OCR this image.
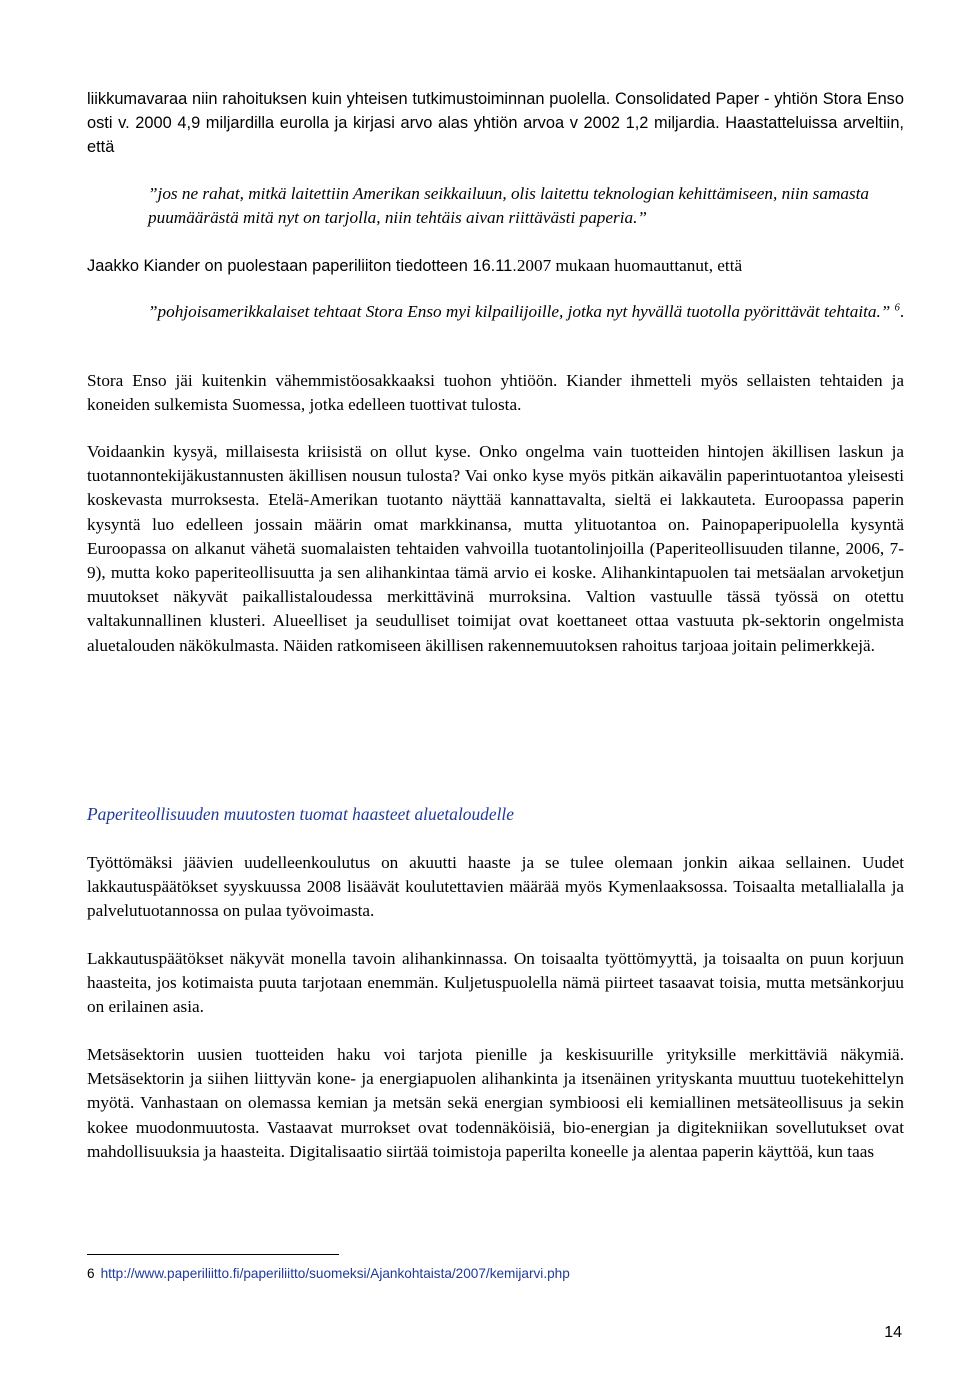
liikkumavaraa niin rahoituksen kuin yhteisen tutkimustoiminnan puolella. Consolidated Paper - yhtiön Stora Enso osti v. 2000 4,9 miljardilla eurolla ja kirjasi arvo alas yhtiön arvoa v 2002 1,2 miljardia. Haastatteluissa arveltiin, että

”jos ne rahat, mitkä laitettiin Amerikan seikkailuun, olis laitettu teknologian kehittämiseen, niin samasta puumäärästä mitä nyt on tarjolla, niin tehtäis aivan riittävästi paperia.”

Jaakko Kiander on puolestaan paperiliiton tiedotteen 16.11.2007 mukaan huomauttanut, että

”pohjoisamerikkalaiset tehtaat Stora Enso myi kilpailijoille, jotka nyt hyvällä tuotolla pyörittävät tehtaita.” $^6$.

Stora Enso jäi kuitenkin vähemmistöosakkaaksi tuohon yhtiöön. Kiander ihmetteli myös sellaisten tehtaiden ja koneiden sulkemista Suomessa, jotka edelleen tuottivat tulosta.

Voidaankin kysyä, millaisesta kriisistä on ollut kyse. Onko ongelma vain tuotteiden hintojen äkillisen laskun ja tuotannontekijäkustannusten äkillisen nousun tulosta? Vai onko kyse myös pitkän aikavälin paperintuotantoa yleisesti koskevasta murroksesta. Etelä-Amerikan tuotanto näyttää kannattavalta, sieltä ei lakkauteta. Euroopassa paperin kysyntä luo edelleen jossain määrin omat markkinansa, mutta ylituotantoa on. Painopaperipuolella kysyntä Euroopassa on alkanut vähetä suomalaisten tehtaiden vahvoilla tuotantolinjoilla (Paperiteollisuuden tilanne, 2006, 7-9), mutta koko paperiteollisuutta ja sen alihankintaa tämä arvio ei koske. Alihankintapuolen tai metsäalan arvoketjun muutokset näkyvät paikallistaloudessa merkittävinä murroksina. Valtion vastuulle tässä työssä on otettu valtakunnallinen klusteri. Alueelliset ja seudulliset toimijat ovat koettaneet ottaa vastuuta pk-sektorin ongelmista aluetalouden näkökulmasta. Näiden ratkomiseen äkillisen rakennemuutoksen rahoitus tarjoaa joitain pelimerkkejä.

Paperiteollisuuden muutosten tuomat haasteet aluetaloudelle

Työttömäksi jäävien uudelleenkoulutus on akuutti haaste ja se tulee olemaan jonkin aikaa sellainen. Uudet lakkautuspäätökset syyskuussa 2008 lisäävät koulutettavien määrää myös Kymenlaaksossa. Toisaalta metallialalla ja palvelutuotannossa on pulaa työvoimasta.

Lakkautuspäätökset näkyvät monella tavoin alihankinnassa. On toisaalta työttömyyttä, ja toisaalta on puun korjuun haasteita, jos kotimaista puuta tarjotaan enemmän. Kuljetuspuolella nämä piirteet tasaavat toisia, mutta metsänkorjuu on erilainen asia.

Metsäsektorin uusien tuotteiden haku voi tarjota pienille ja keskisuurille yrityksille merkittäviä näkymiä. Metsäsektorin ja siihen liittyvän kone- ja energiapuolen alihankinta ja itsenäinen yrityskanta muuttuu tuotekehittelyn myötä. Vanhastaan on olemassa kemian ja metsän sekä energian symbioosi eli kemiallinen metsäteollisuus ja sekin kokee muodonmuutosta. Vastaavat murrokset ovat todennäköisiä, bio-energian ja digitekniikan sovellutukset ovat mahdollisuuksia ja haasteita. Digitalisaatio siirtää toimistoja paperilta koneelle ja alentaa paperin käyttöä, kun taas

6 http://www.paperiliitto.fi/paperiliitto/suomeksi/Ajankohtaista/2007/kemijarvi.php

14
